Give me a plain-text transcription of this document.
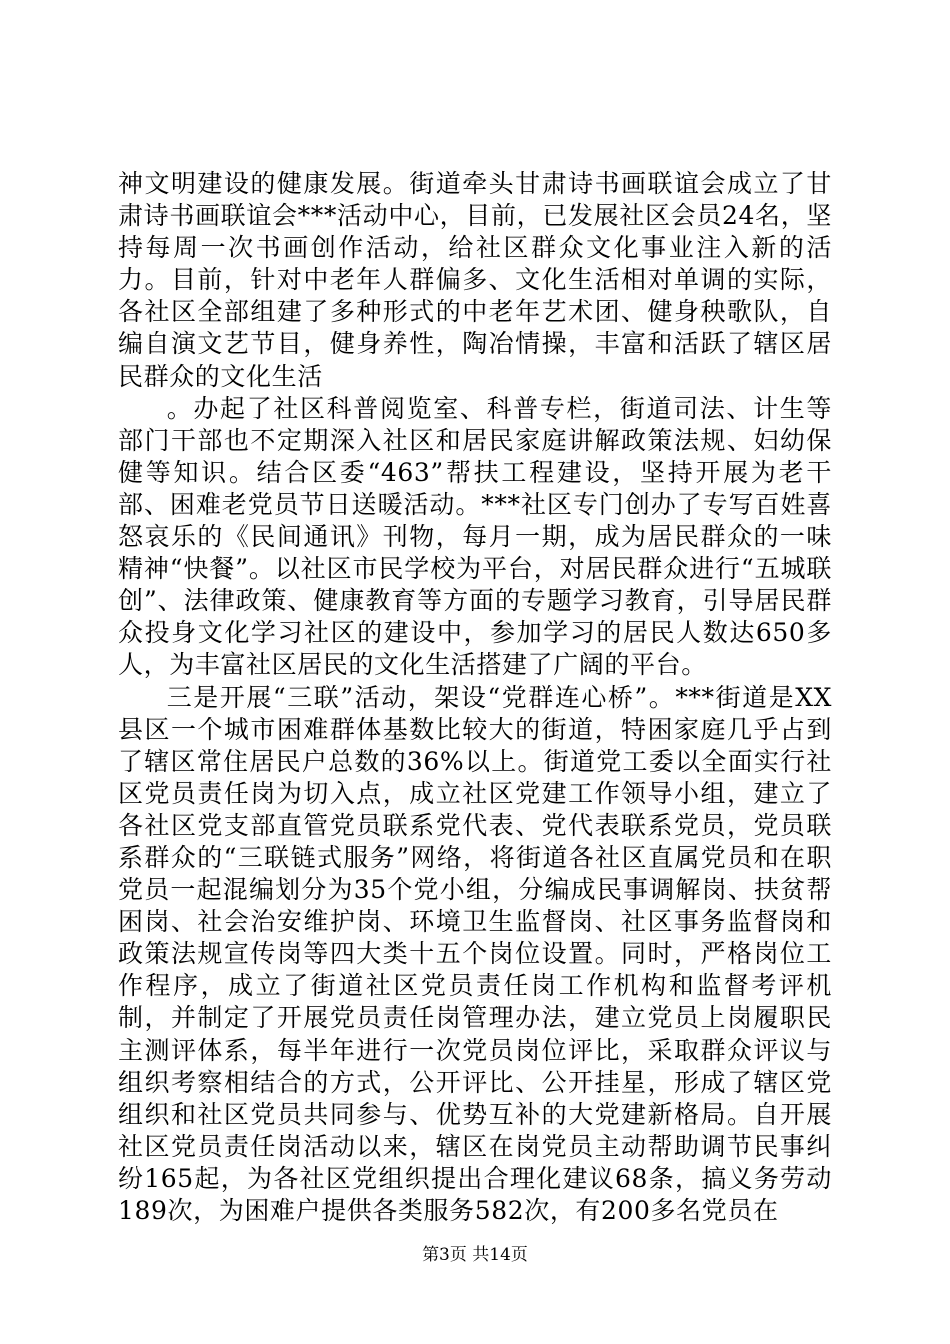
神文明建设的健康发展。街道牵头甘肃诗书画联谊会成立了甘肃诗书画联谊会***活动中心，目前，已发展社区会员24名，坚持每周一次书画创作活动，给社区群众文化事业注入新的活力。目前，针对中老年人群偏多、文化生活相对单调的实际，各社区全部组建了多种形式的中老年艺术团、健身秧歌队，自编自演文艺节目，健身养性，陶冶情操，丰富和活跃了辖区居民群众的文化生活

。办起了社区科普阅览室、科普专栏，街道司法、计生等部门干部也不定期深入社区和居民家庭讲解政策法规、妇幼保健等知识。结合区委“463”帮扶工程建设，坚持开展为老干部、困难老党员节日送暖活动。***社区专门创办了专写百姓喜怒哀乐的《民间通讯》刊物，每月一期，成为居民群众的一味精神“快餐”。以社区市民学校为平台，对居民群众进行“五城联创”、法律政策、健康教育等方面的专题学习教育，引导居民群众投身文化学习社区的建设中，参加学习的居民人数达650多人，为丰富社区居民的文化生活搭建了广阔的平台。

三是开展“三联”活动，架设“党群连心桥”。***街道是XX县区一个城市困难群体基数比较大的街道，特困家庭几乎占到了辖区常住居民户总数的36%以上。街道党工委以全面实行社区党员责任岗为切入点，成立社区党建工作领导小组，建立了各社区党支部直管党员联系党代表、党代表联系党员，党员联系群众的“三联链式服务”网络，将街道各社区直属党员和在职党员一起混编划分为35个党小组，分编成民事调解岗、扶贫帮困岗、社会治安维护岗、环境卫生监督岗、社区事务监督岗和政策法规宣传岗等四大类十五个岗位设置。同时，严格岗位工作程序，成立了街道社区党员责任岗工作机构和监督考评机制，并制定了开展党员责任岗管理办法，建立党员上岗履职民主测评体系，每半年进行一次党员岗位评比，采取群众评议与组织考察相结合的方式，公开评比、公开挂星，形成了辖区党组织和社区党员共同参与、优势互补的大党建新格局。自开展社区党员责任岗活动以来，辖区在岗党员主动帮助调节民事纠纷165起，为各社区党组织提出合理化建议68条，搞义务劳动189次，为困难户提供各类服务582次，有200多名党员在

第3页 共14页
